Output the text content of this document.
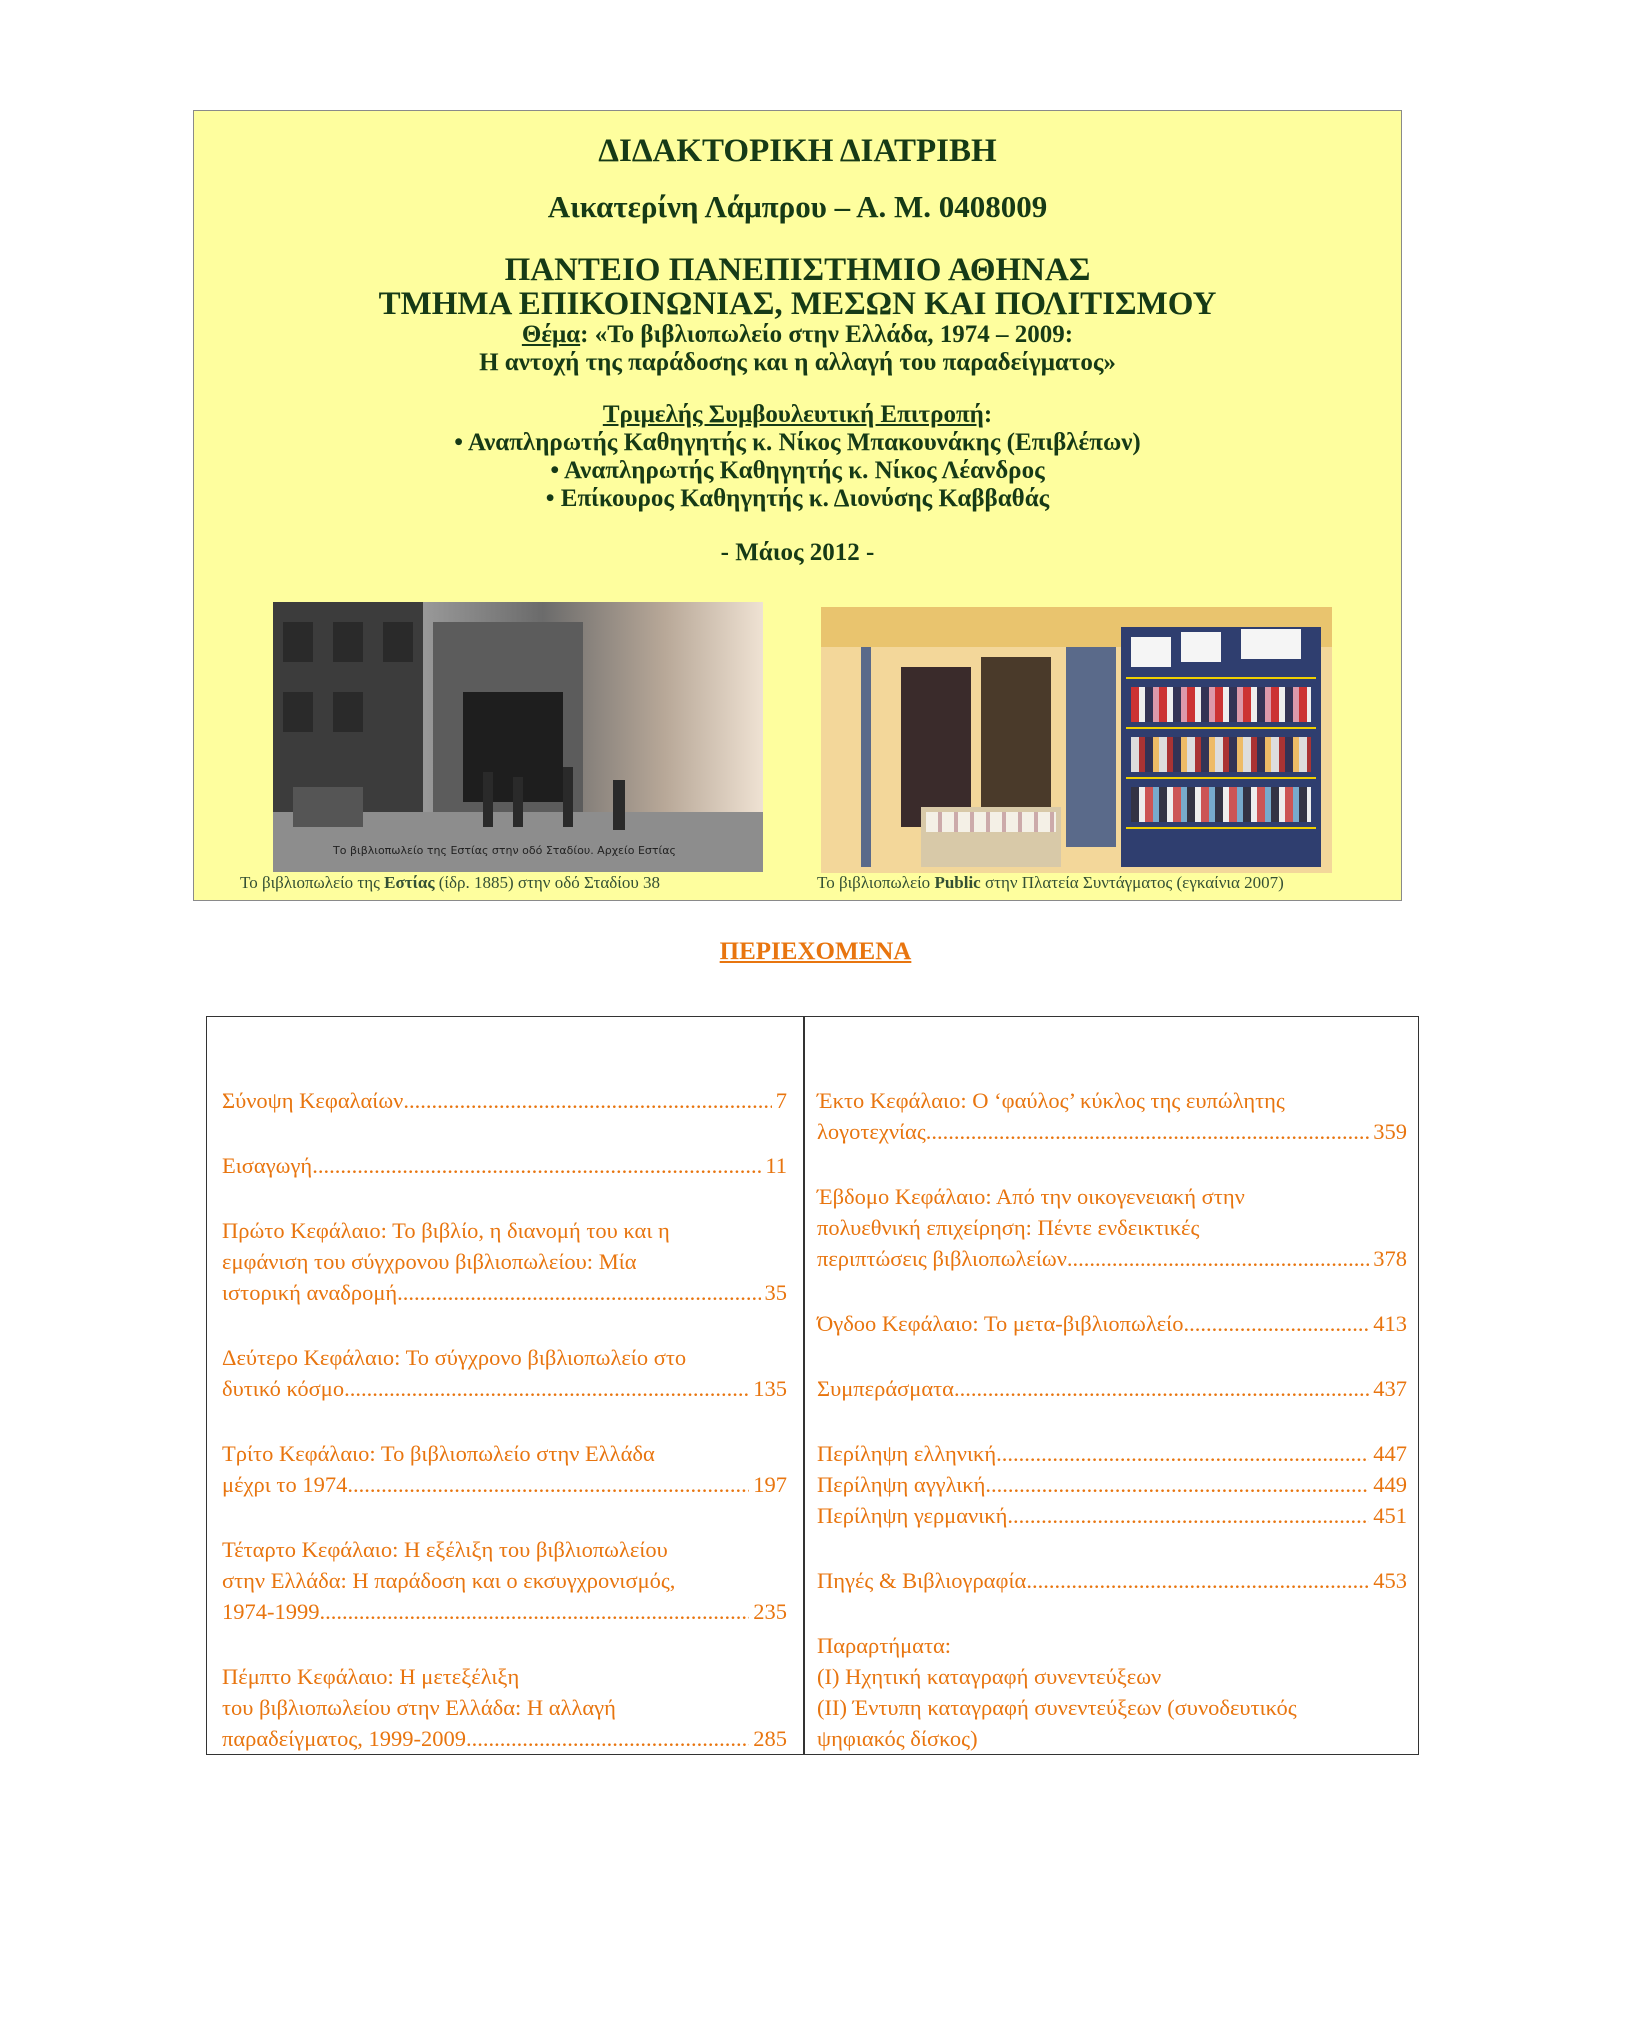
ΔΙΔΑΚΤΟΡΙΚΗ ΔΙΑΤΡΙΒΗ
Αικατερίνη Λάμπρου – Α. Μ. 0408009
ΠΑΝΤΕΙΟ ΠΑΝΕΠΙΣΤΗΜΙΟ ΑΘΗΝΑΣ
ΤΜΗΜΑ ΕΠΙΚΟΙΝΩΝΙΑΣ, ΜΕΣΩΝ ΚΑΙ ΠΟΛΙΤΙΣΜΟΥ
Θέμα: «Το βιβλιοπωλείο στην Ελλάδα, 1974 – 2009:
Η αντοχή της παράδοσης και η αλλαγή του παραδείγματος»
Τριμελής Συμβουλευτική Επιτροπή:
• Αναπληρωτής Καθηγητής κ. Νίκος Μπακουνάκης (Επιβλέπων)
• Αναπληρωτής Καθηγητής κ. Νίκος Λέανδρος
• Επίκουρος Καθηγητής κ. Διονύσης Καββαθάς
- Μάιος 2012 -
Το βιβλιοπωλείο της Εστίας στην οδό Σταδίου. Αρχείο Εστίας
Το βιβλιοπωλείο της Εστίας (ίδρ. 1885) στην οδό Σταδίου 38	Το βιβλιοπωλείο Public στην Πλατεία Συντάγματος (εγκαίνια 2007)
ΠΕΡΙΕΧΟΜΕΝΑ
Σύνοψη Κεφαλαίων .....	7
Εισαγωγή .....	11
Πρώτο Κεφάλαιο: Το βιβλίο, η διανομή του και η
εμφάνιση του σύγχρονου βιβλιοπωλείου: Μία
ιστορική αναδρομή .....	35
Δεύτερο Κεφάλαιο: Το σύγχρονο βιβλιοπωλείο στο
δυτικό κόσμο .....	135
Τρίτο Κεφάλαιο: Το βιβλιοπωλείο στην Ελλάδα
μέχρι το 1974 .....	197
Τέταρτο Κεφάλαιο: Η εξέλιξη του βιβλιοπωλείου
στην Ελλάδα: Η παράδοση και ο εκσυγχρονισμός,
1974-1999 .....	235
Πέμπτο Κεφάλαιο: Η μετεξέλιξη
του βιβλιοπωλείου στην Ελλάδα: Η αλλαγή
παραδείγματος, 1999-2009 .....	285
Έκτο Κεφάλαιο: Ο ‘φαύλος’ κύκλος της ευπώλητης
λογοτεχνίας .....	359
Έβδομο Κεφάλαιο: Από την οικογενειακή στην
πολυεθνική επιχείρηση: Πέντε ενδεικτικές
περιπτώσεις βιβλιοπωλείων .....	378
Όγδοο Κεφάλαιο: Το μετα-βιβλιοπωλείο .....	413
Συμπεράσματα .....	437
Περίληψη ελληνική .....	447
Περίληψη αγγλική .....	449
Περίληψη γερμανική .....	451
Πηγές & Βιβλιογραφία .....	453
Παραρτήματα:
(Ι) Ηχητική καταγραφή συνεντεύξεων
(ΙΙ) Έντυπη καταγραφή συνεντεύξεων (συνοδευτικός
ψηφιακός δίσκος)
